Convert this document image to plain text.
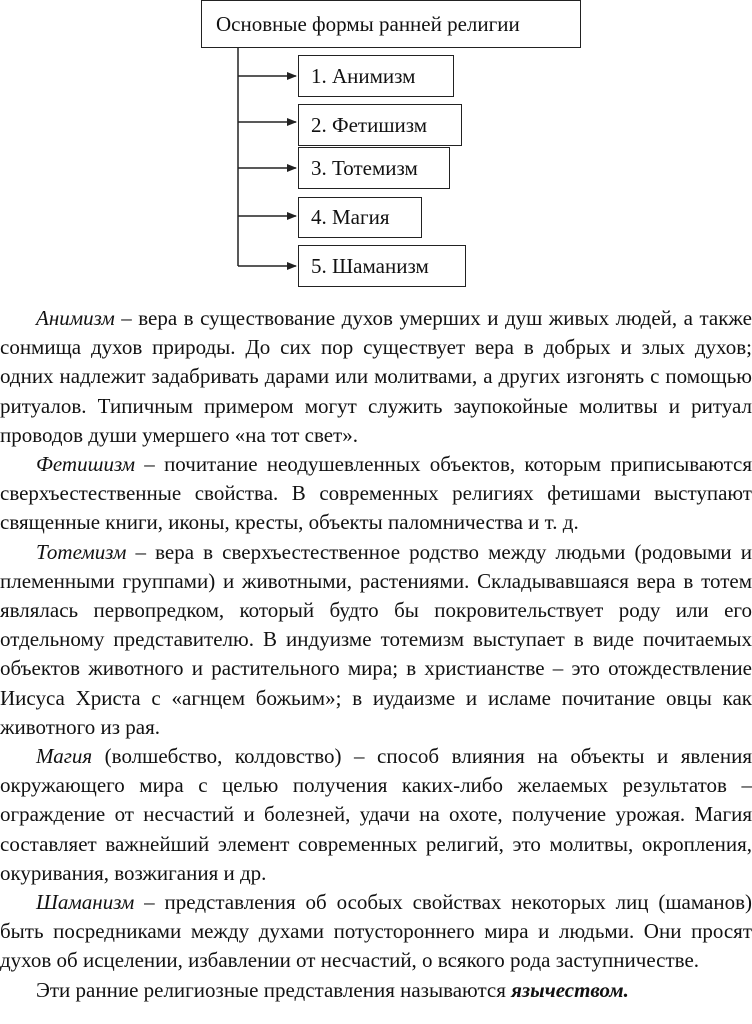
Основные формы ранней религии
1. Анимизм
2. Фетишизм
3. Тотемизм
4. Магия
5. Шаманизм

Анимизм – вера в существование духов умерших и душ живых людей, а также сонмища духов природы. До сих пор существует вера в добрых и злых духов; одних надлежит задабривать дарами или молитвами, а других изгонять с помощью ритуалов. Типичным примером могут служить заупокойные молитвы и ритуал проводов души умершего «на тот свет».

Фетишизм – почитание неодушевленных объектов, которым приписываются сверхъестественные свойства. В современных религиях фетишами выступают священные книги, иконы, кресты, объекты паломничества и т. д.

Тотемизм – вера в сверхъестественное родство между людьми (родовыми и племенными группами) и животными, растениями. Складывавшаяся вера в тотем являлась первопредком, который будто бы покровительствует роду или его отдельному представителю. В индуизме тотемизм выступает в виде почитаемых объектов животного и растительного мира; в христианстве – это отождествление Иисуса Христа с «агнцем божьим»; в иудаизме и исламе почитание овцы как животного из рая.

Магия (волшебство, колдовство) – способ влияния на объекты и явления окружающего мира с целью получения каких-либо желаемых результатов – ограждение от несчастий и болезней, удачи на охоте, получение урожая. Магия составляет важнейший элемент современных религий, это молитвы, окропления, окуривания, возжигания и др.

Шаманизм – представления об особых свойствах некоторых лиц (шаманов) быть посредниками между духами потустороннего мира и людьми. Они просят духов об исцелении, избавлении от несчастий, о всякого рода заступничестве.

Эти ранние религиозные представления называются язычеством.
